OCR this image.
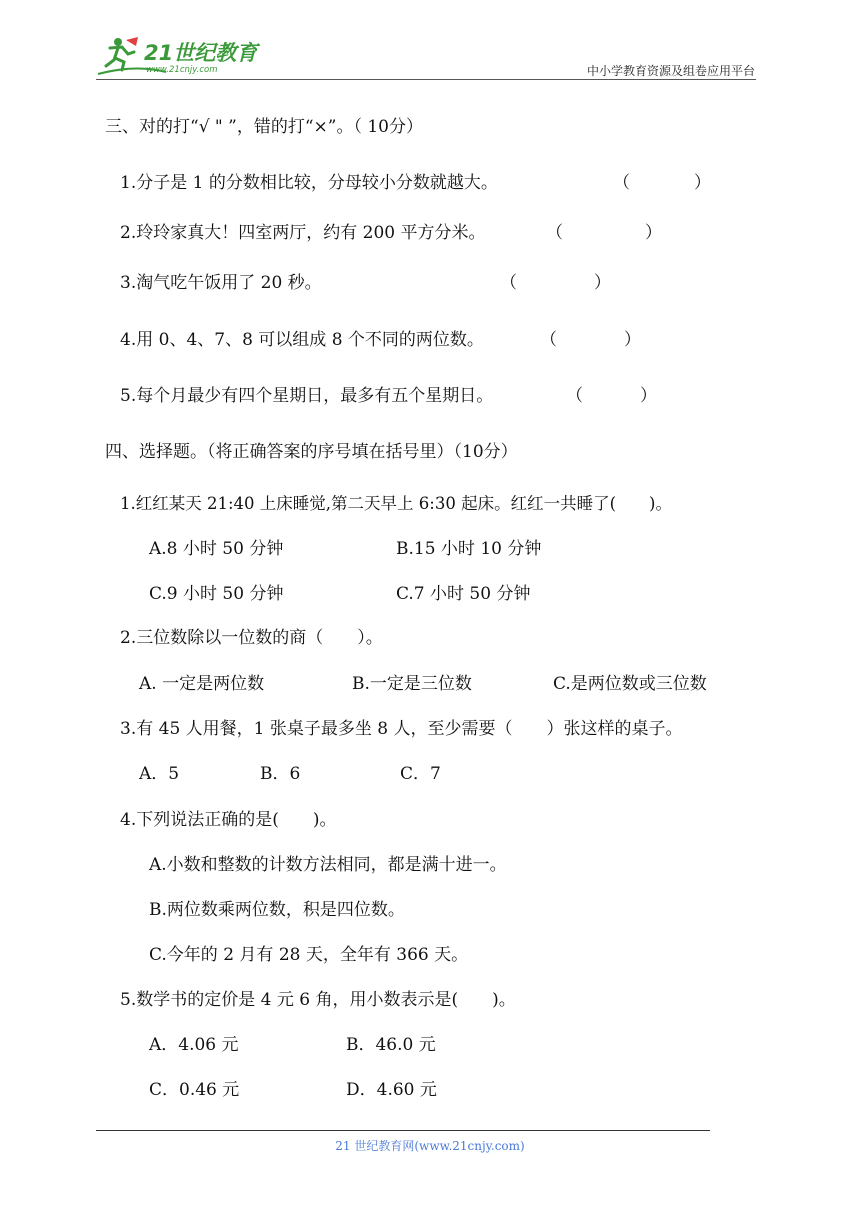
21世纪教育
www.21cnjy.com	中小学教育资源及组卷应用平台
三、对的打“√ " ”，错的打“×”。（ 10分）
1.分子是 1 的分数相比较，分母较小分数就越大。	（	）
2.玲玲家真大！四室两厅，约有 200 平方分米。	（	）
3.淘气吃午饭用了 20 秒。	（	）
4.用 0、4、7、8 可以组成 8 个不同的两位数。	（	）
5.每个月最少有四个星期日，最多有五个星期日。	（	）
四、选择题。（将正确答案的序号填在括号里）（10分）
1.红红某天 21:40 上床睡觉,第二天早上 6:30 起床。红红一共睡了(　　)。
A.8 小时 50 分钟	B.15 小时 10 分钟
C.9 小时 50 分钟	C.7 小时 50 分钟
2.三位数除以一位数的商（　　）。
A. 一定是两位数	B.一定是三位数	C.是两位数或三位数
3.有 45 人用餐，1 张桌子最多坐 8 人，至少需要（　　）张这样的桌子。
A．5	B．6	C．7
4.下列说法正确的是(　　)。
A.小数和整数的计数方法相同，都是满十进一。
B.两位数乘两位数，积是四位数。
C.今年的 2 月有 28 天，全年有 366 天。
5.数学书的定价是 4 元 6 角，用小数表示是(　　)。
A．4.06 元	B．46.0 元
C．0.46 元	D．4.60 元
21 世纪教育网(www.21cnjy.com)
